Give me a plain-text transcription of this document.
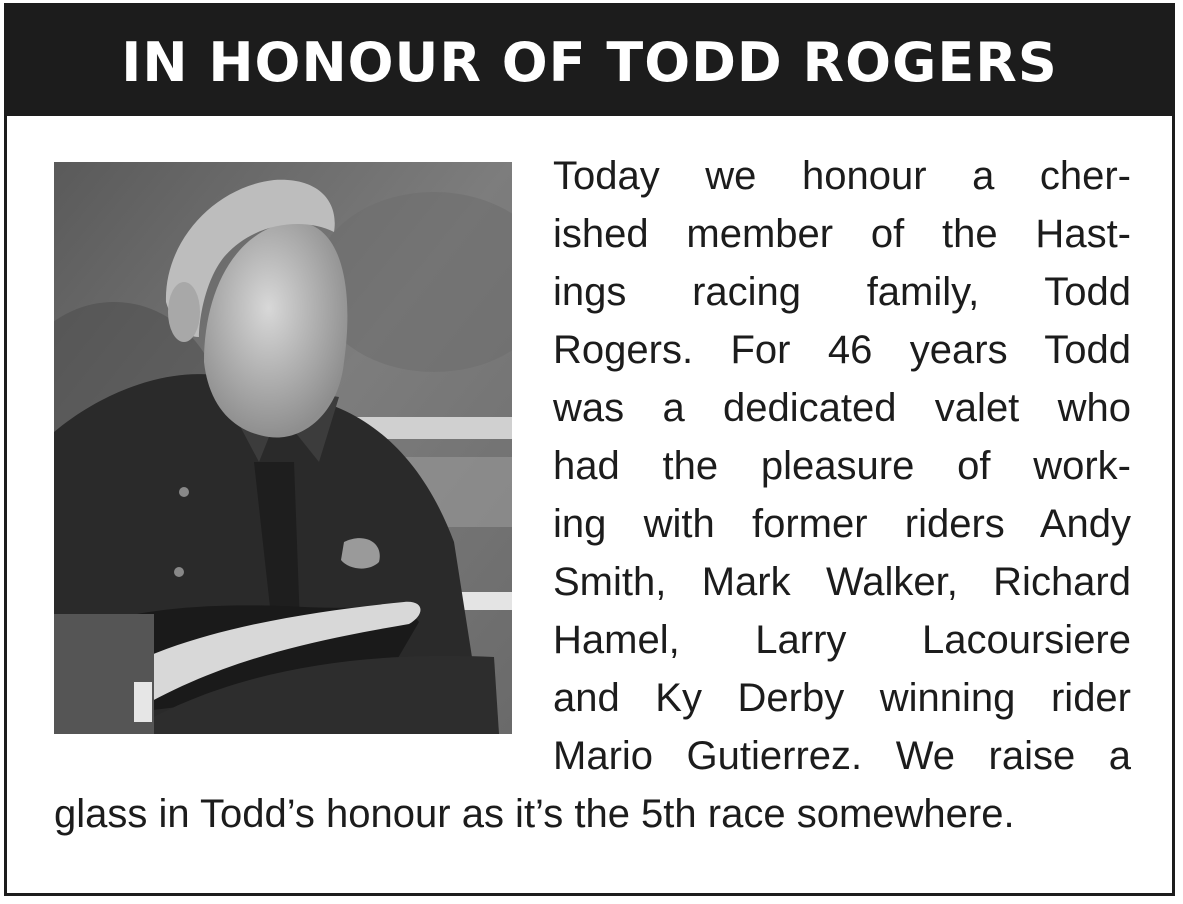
IN HONOUR OF TODD ROGERS
Today we honour a cher-
ished member of the Hast-
ings racing family, Todd
Rogers. For 46 years Todd
was a dedicated valet who
had the pleasure of work-
ing with former riders Andy
Smith, Mark Walker, Richard
Hamel, Larry Lacoursiere
and Ky Derby winning rider
Mario Gutierrez. We raise a
glass in Todd’s honour as it’s the 5th race somewhere.
